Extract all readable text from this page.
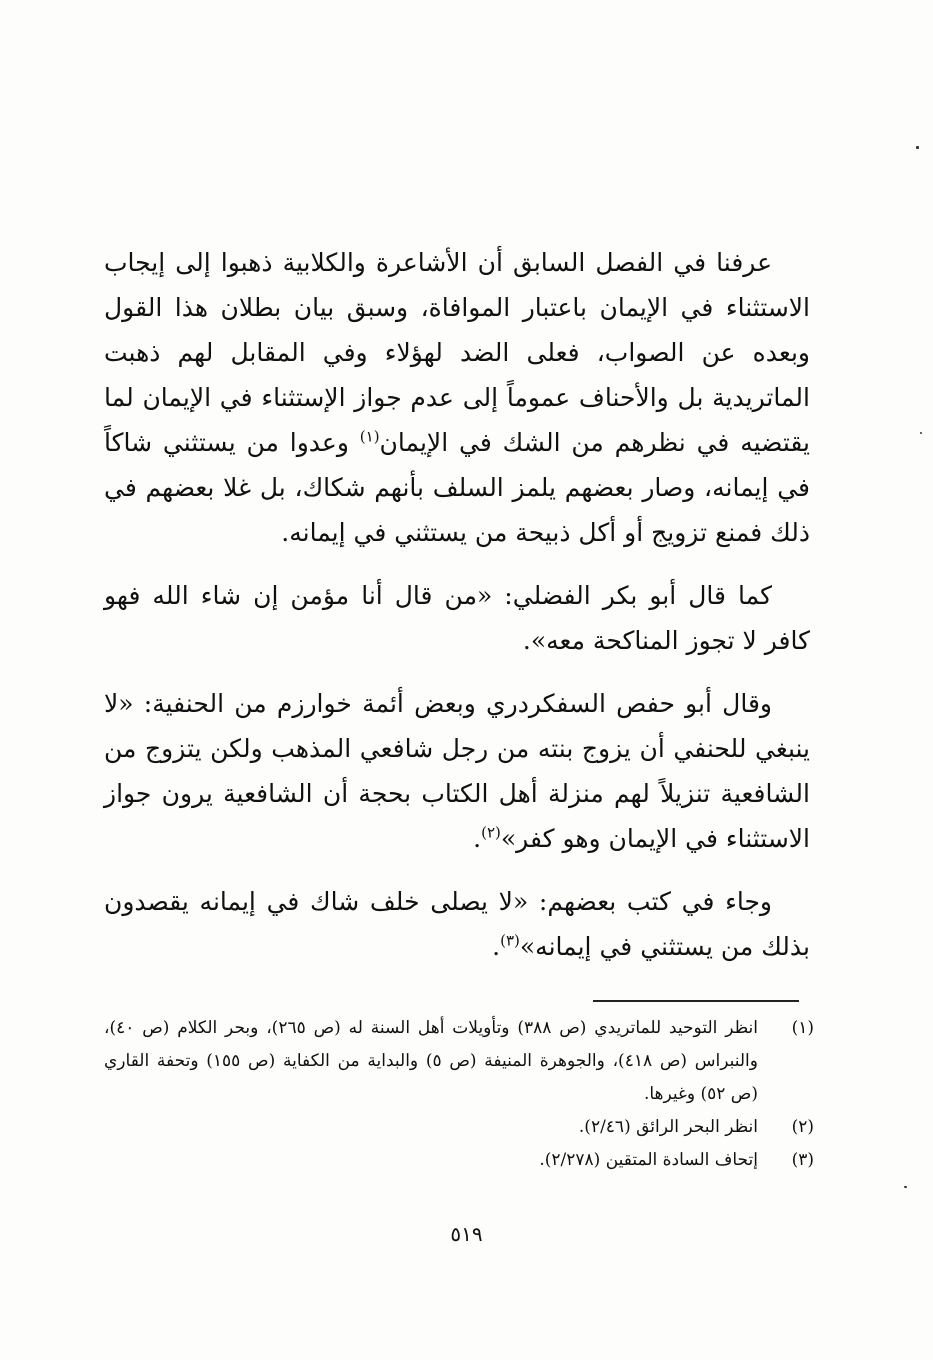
عرفنا في الفصل السابق أن الأشاعرة والكلابية ذهبوا إلى إيجاب الاستثناء في الإيمان باعتبار الموافاة، وسبق بيان بطلان هذا القول وبعده عن الصواب، فعلى الضد لهؤلاء وفي المقابل لهم ذهبت الماتريدية بل والأحناف عموماً إلى عدم جواز الإستثناء في الإيمان لما يقتضيه في نظرهم من الشك في الإيمان$^{(١)}$ وعدوا من يستثني شاكاً في إيمانه، وصار بعضهم يلمز السلف بأنهم شكاك، بل غلا بعضهم في ذلك فمنع تزويج أو أكل ذبيحة من يستثني في إيمانه.

كما قال أبو بكر الفضلي: «من قال أنا مؤمن إن شاء الله فهو كافر لا تجوز المناكحة معه».

وقال أبو حفص السفكردري وبعض أئمة خوارزم من الحنفية: «لا ينبغي للحنفي أن يزوج بنته من رجل شافعي المذهب ولكن يتزوج من الشافعية تنزيلاً لهم منزلة أهل الكتاب بحجة أن الشافعية يرون جواز الاستثناء في الإيمان وهو كفر»$^{(٢)}$.

وجاء في كتب بعضهم: «لا يصلى خلف شاك في إيمانه يقصدون بذلك من يستثني في إيمانه»$^{(٣)}$.

(١)
انظر التوحيد للماتريدي (ص ٣٨٨) وتأويلات أهل السنة له (ص ٢٦٥)، وبحر الكلام (ص ٤٠)، والنبراس (ص ٤١٨)، والجوهرة المنيفة (ص ٥) والبداية من الكفاية (ص ١٥٥) وتحفة القاري (ص ٥٢) وغيرها.
(٢)
انظر البحر الرائق (٢/٤٦).
(٣)
إتحاف السادة المتقين (٢/٢٧٨).
٥١٩
